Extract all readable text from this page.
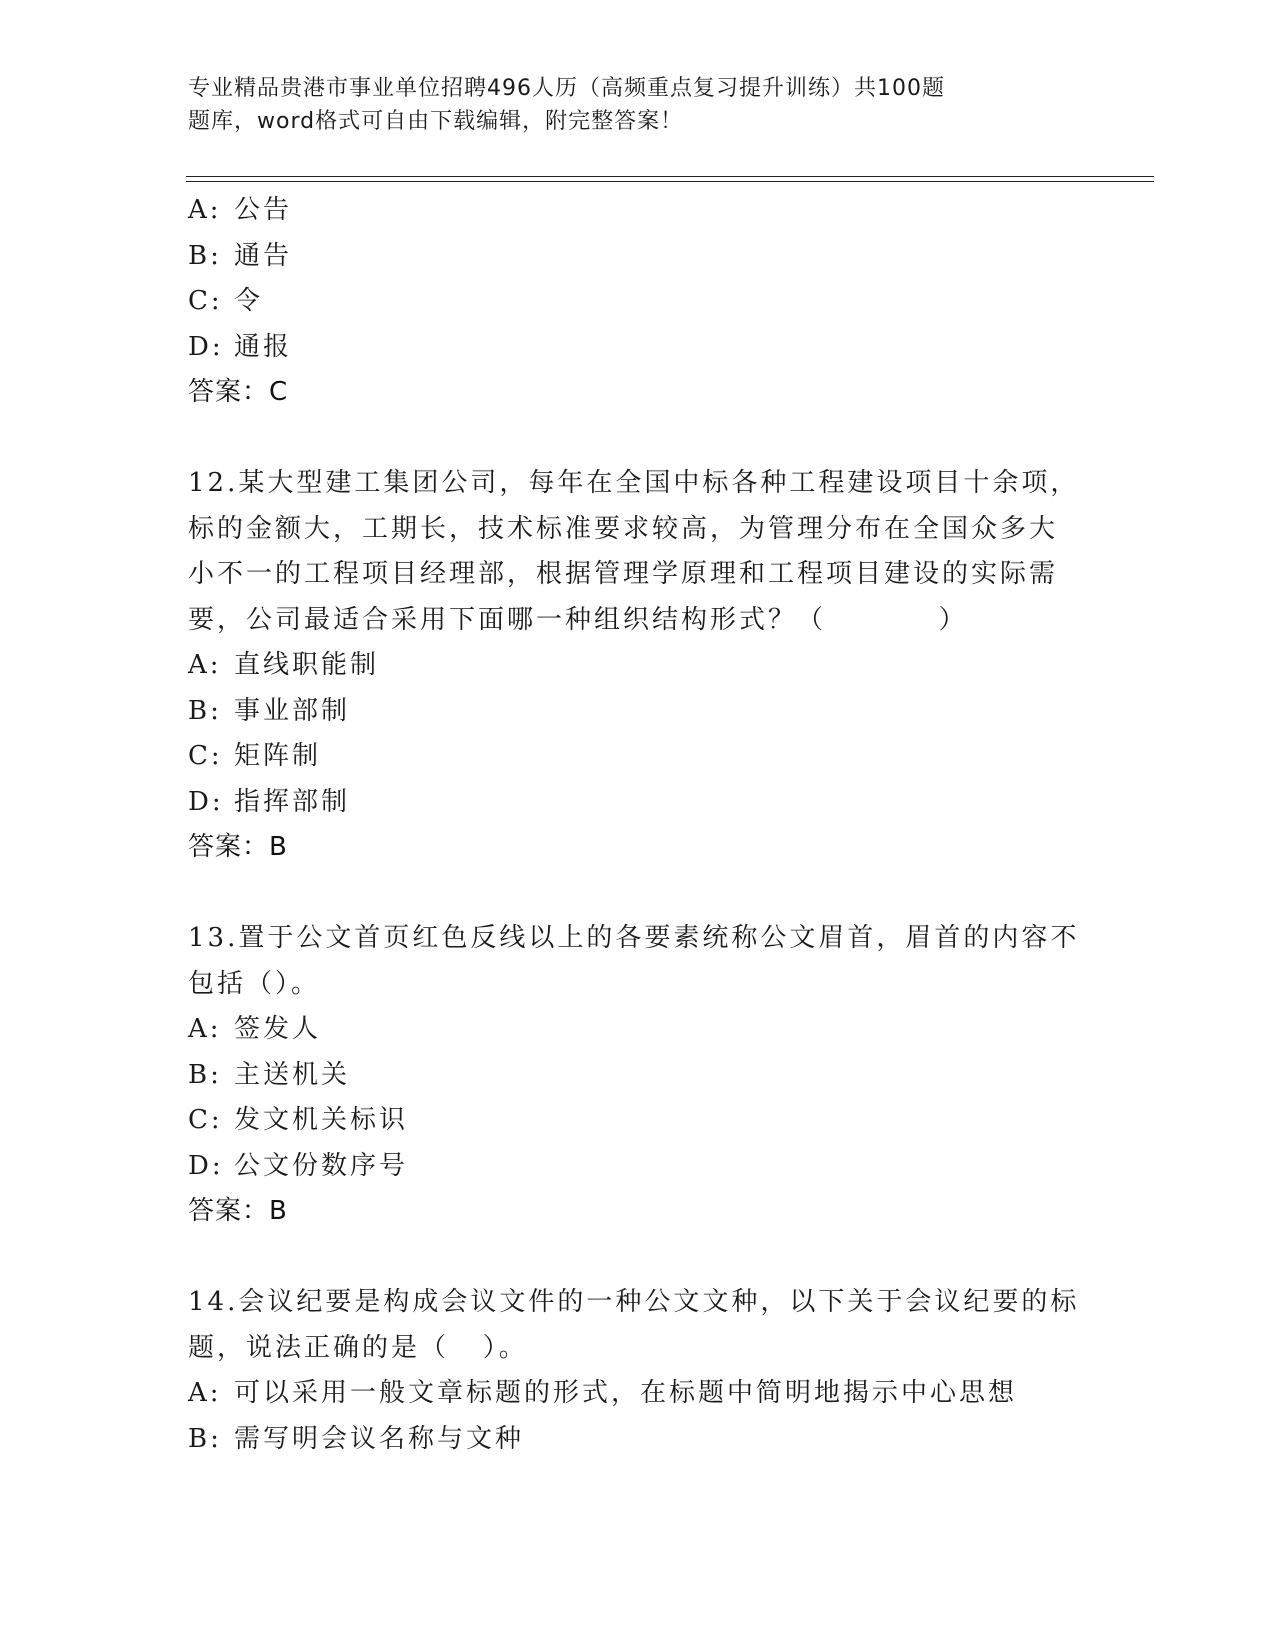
专业精品贵港市事业单位招聘496人历（高频重点复习提升训练）共100题
题库，word格式可自由下载编辑，附完整答案！
A: 公告
B: 通告
C: 令
D: 通报
答案：C
12.某大型建工集团公司，每年在全国中标各种工程建设项目十余项，
标的金额大，工期长，技术标准要求较高，为管理分布在全国众多大
小不一的工程项目经理部，根据管理学原理和工程项目建设的实际需
要，公司最适合采用下面哪一种组织结构形式？（          ）
A: 直线职能制
B: 事业部制
C: 矩阵制
D: 指挥部制
答案：B
13.置于公文首页红色反线以上的各要素统称公文眉首，眉首的内容不
包括（）。
A: 签发人
B: 主送机关
C: 发文机关标识
D: 公文份数序号
答案：B
14.会议纪要是构成会议文件的一种公文文种，以下关于会议纪要的标
题，说法正确的是（   ）。
A: 可以采用一般文章标题的形式，在标题中简明地揭示中心思想
B: 需写明会议名称与文种
